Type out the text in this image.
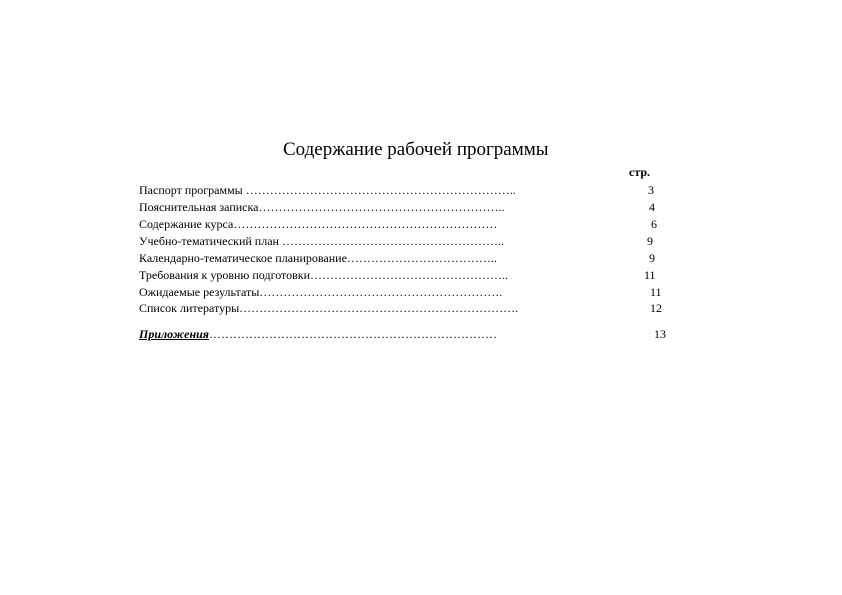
Содержание рабочей программы
стр.
Паспорт программы …………………………………………………………..	3
Пояснительная записка……………………………………………………..	4
Содержание курса…………………………………………………………	6
Учебно-тематический план ………………………………………………..	9
Календарно-тематическое планирование………………………………..	9
Требования к уровню подготовки…………………………………………..	11
Ожидаемые результаты…………………………………………………….	11
Список литературы…………………………………………………………….	12
Приложения………………………………………………………………	13
